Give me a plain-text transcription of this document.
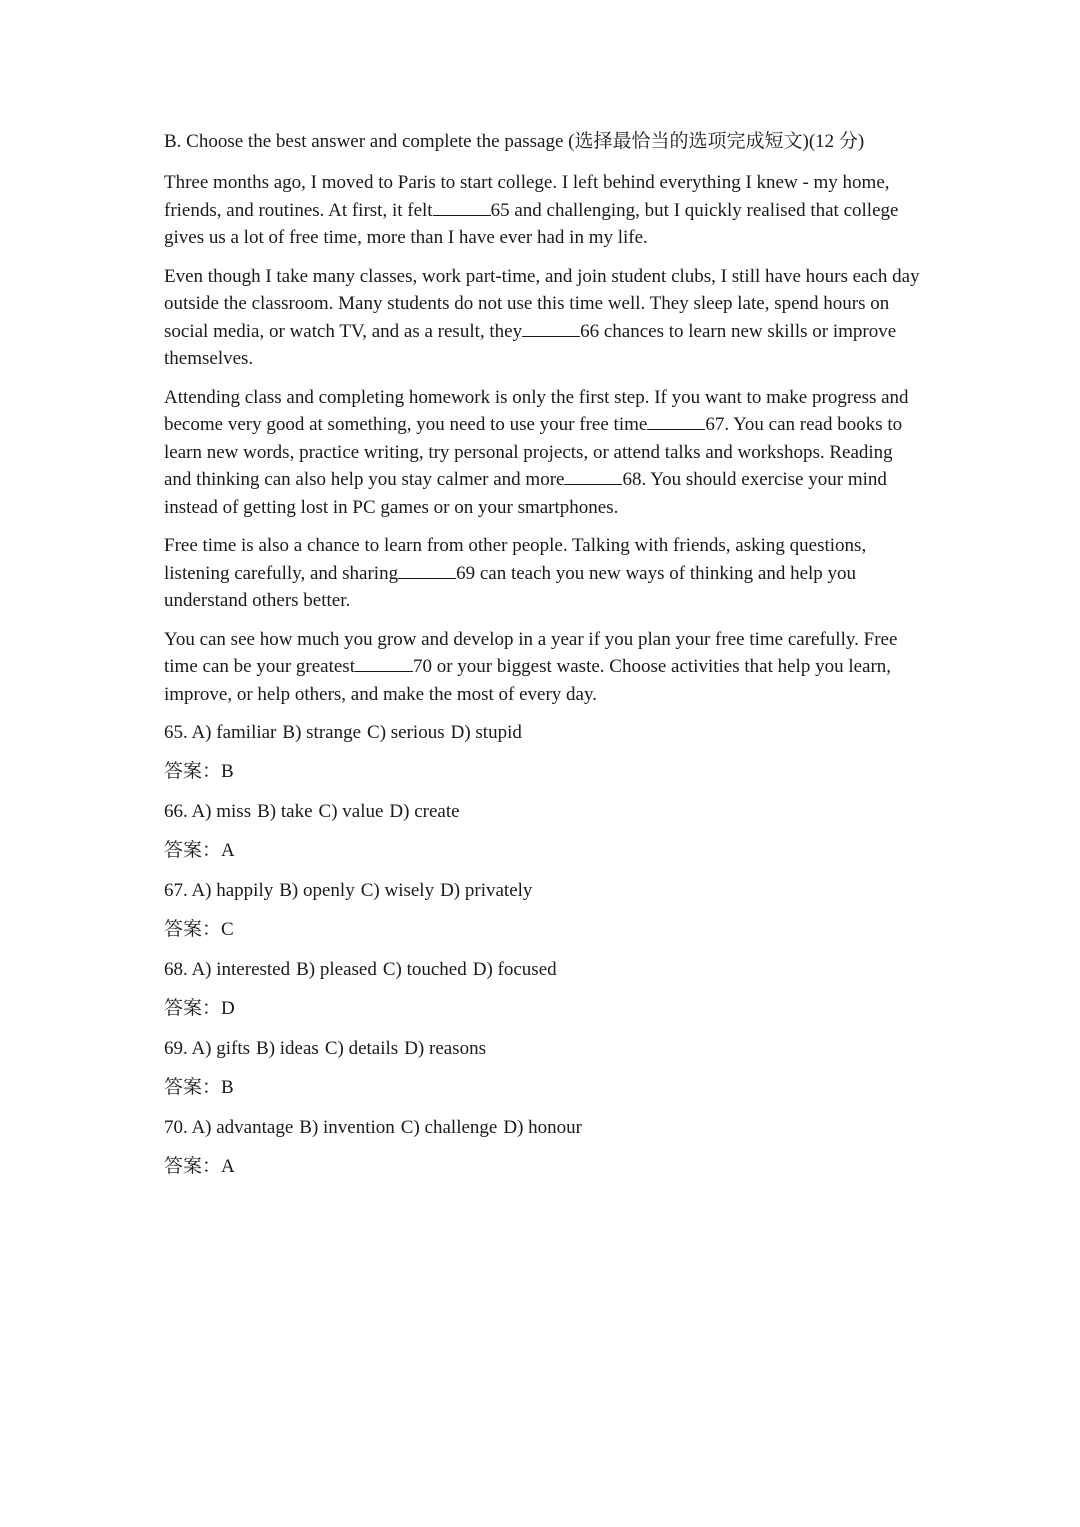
B. Choose the best answer and complete the passage (选择最恰当的选项完成短文)(12 分)

Three months ago, I moved to Paris to start college. I left behind everything I knew - my home, friends, and routines. At first, it felt	65 and challenging, but I quickly realised that college gives us a lot of free time, more than I have ever had in my life.

Even though I take many classes, work part-time, and join student clubs, I still have hours each day outside the classroom. Many students do not use this time well. They sleep late, spend hours on social media, or watch TV, and as a result, they	66 chances to learn new skills or improve themselves.

Attending class and completing homework is only the first step. If you want to make progress and become very good at something, you need to use your free time	67. You can read books to learn new words, practice writing, try personal projects, or attend talks and workshops. Reading and thinking can also help you stay calmer and more	68. You should exercise your mind instead of getting lost in PC games or on your smartphones.

Free time is also a chance to learn from other people. Talking with friends, asking questions, listening carefully, and sharing	69 can teach you new ways of thinking and help you understand others better.

You can see how much you grow and develop in a year if you plan your free time carefully. Free time can be your greatest	70 or your biggest waste. Choose activities that help you learn, improve, or help others, and make the most of every day.

65. A) familiar B) strange C) serious D) stupid

答案：B

66. A) miss B) take C) value D) create

答案：A

67. A) happily B) openly C) wisely D) privately

答案：C

68. A) interested B) pleased C) touched D) focused

答案：D

69. A) gifts B) ideas C) details D) reasons

答案：B

70. A) advantage B) invention C) challenge D) honour

答案：A
